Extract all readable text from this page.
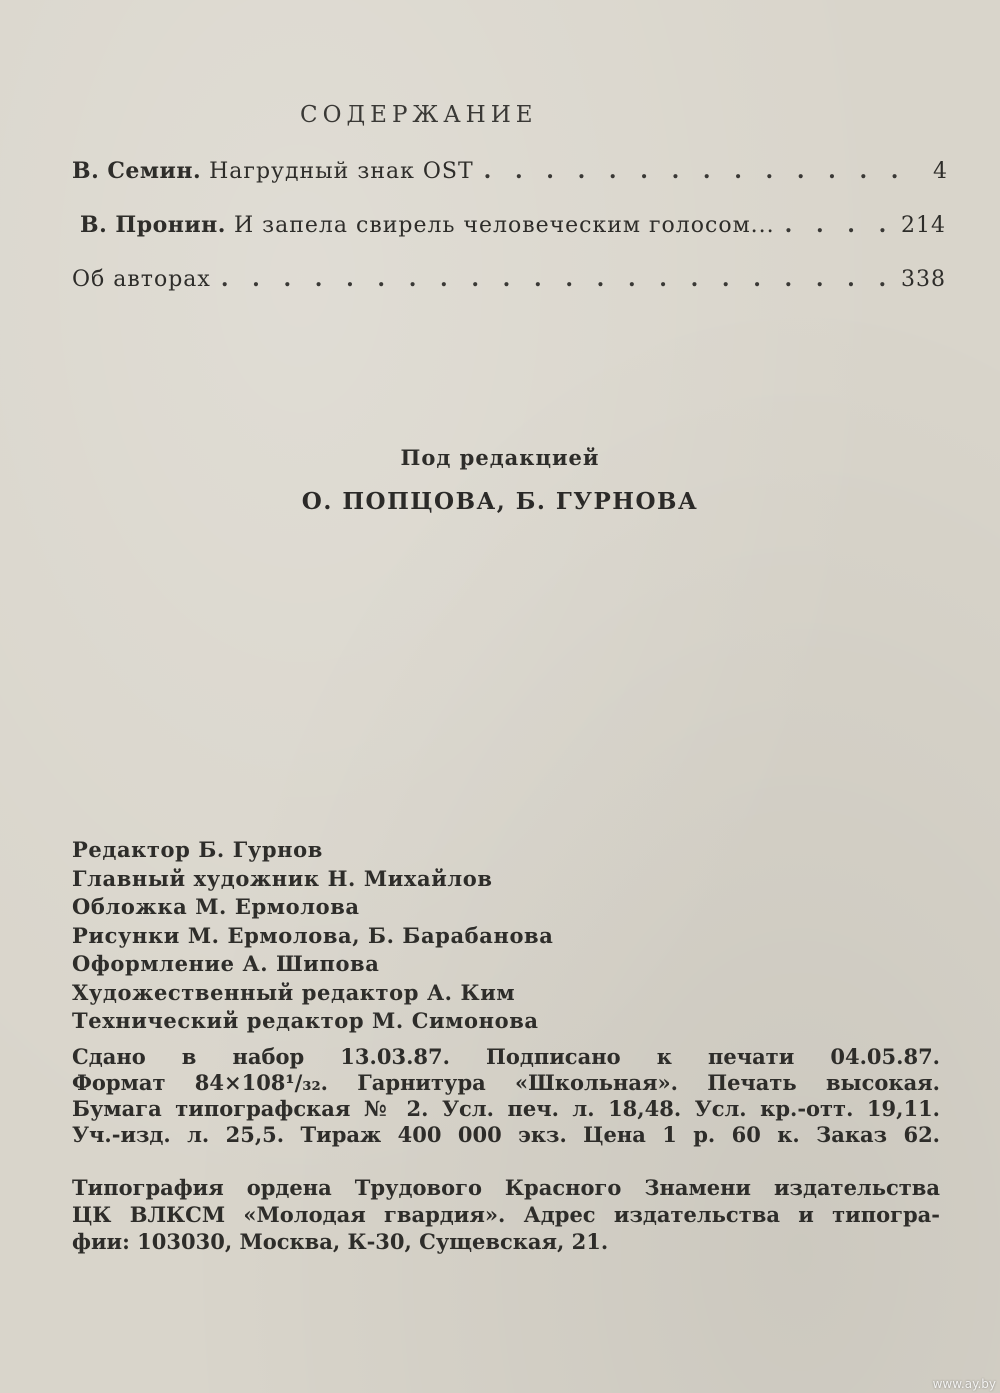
СОДЕРЖАНИЕ
В. Семин. Нагрудный знак OST . . .	4
В. Пронин. И запела свирель человеческим голосом... . . .	214
Об авторах . . .	338
Под редакцией
О. ПОПЦОВА, Б. ГУРНОВА
Редактор Б. Гурнов
Главный художник Н. Михайлов
Обложка М. Ермолова
Рисунки М. Ермолова, Б. Барабанова
Оформление А. Шипова
Художественный редактор А. Ким
Технический редактор М. Симонова
Сдано в набор 13.03.87. Подписано к печати 04.05.87.
Формат 84×108¹/₃₂. Гарнитура «Школьная». Печать высокая.
Бумага типографская № 2. Усл. печ. л. 18,48. Усл. кр.-отт. 19,11.
Уч.-изд. л. 25,5. Тираж 400 000 экз. Цена 1 р. 60 к. Заказ 62.
Типография ордена Трудового Красного Знамени издательства
ЦК ВЛКСМ «Молодая гвардия». Адрес издательства и типогра-
фии: 103030, Москва, К-30, Сущевская, 21.
www.ay.by
